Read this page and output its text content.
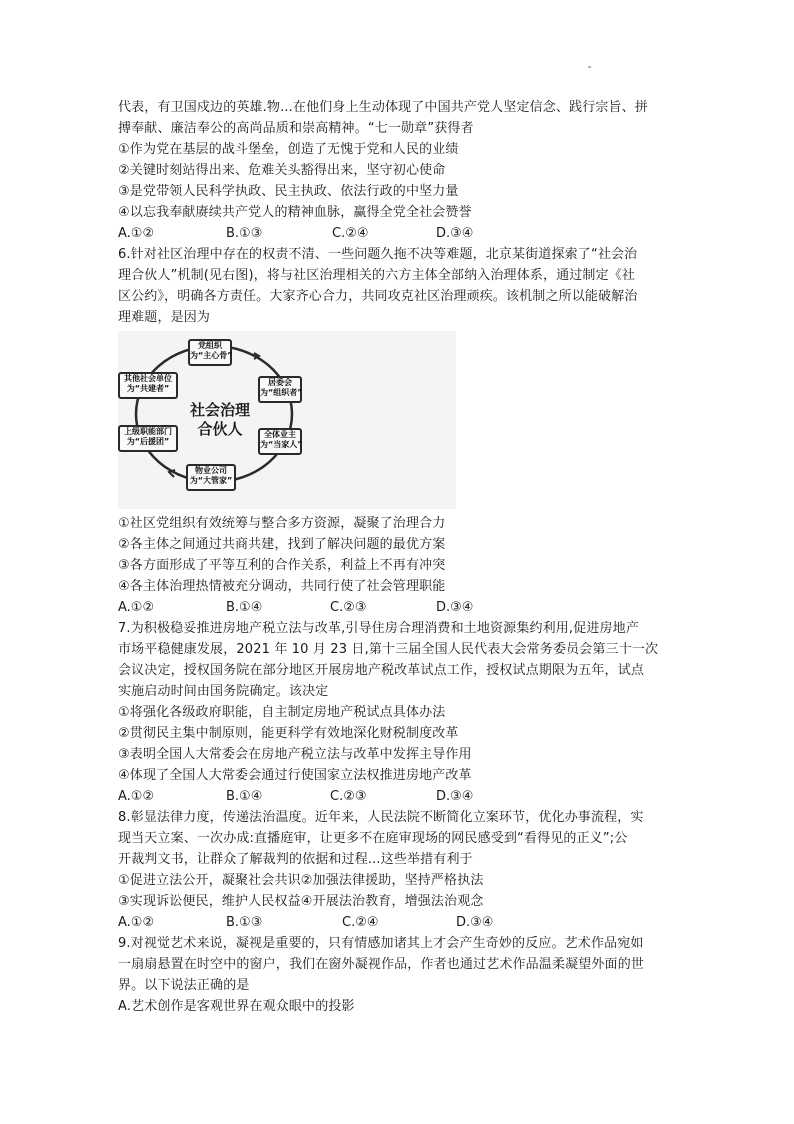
代表，有卫国戍边的英雄.物...在他们身上生动体现了中国共产党人坚定信念、践行宗旨、拼
搏奉献、廉洁奉公的高尚品质和崇高精神。“七一勋章”获得者
①作为党在基层的战斗堡垒，创造了无愧于党和人民的业绩
②关键时刻站得出来、危难关头豁得出来，坚守初心使命
③是党带领人民科学执政、民主执政、依法行政的中坚力量
④以忘我奉献赓续共产党人的精神血脉，赢得全党全社会赞誉
A.①②	B.①③	C.②④	D.③④
6.针对社区治理中存在的权责不清、一些问题久拖不决等难题，北京某街道探索了“社会治
理合伙人”机制(见右图)，将与社区治理相关的六方主体全部纳入治理体系，通过制定《社
区公约》，明确各方责任。大家齐心合力，共同攻克社区治理顽疾。该机制之所以能破解治
理难题，是因为
党组织
为“主心骨”
居委会
为“组织者”
全体业主
为“当家人”
物业公司
为“大管家”
上级职能部门
为“后援团”
其他社会单位
为“共建者”
社会治理
合伙人
①社区党组织有效统筹与整合多方资源，凝聚了治理合力
②各主体之间通过共商共建，找到了解决问题的最优方案
③各方面形成了平等互利的合作关系，利益上不再有冲突
④各主体治理热情被充分调动，共同行使了社会管理职能
A.①②	B.①④	C.②③	D.③④
7.为积极稳妥推进房地产税立法与改革,引导住房合理消费和土地资源集约利用,促进房地产
市场平稳健康发展，2021 年 10 月 23 日,第十三届全国人民代表大会常务委员会第三十一次
会议决定，授权国务院在部分地区开展房地产税改革试点工作，授权试点期限为五年，试点
实施启动时间由国务院确定。该决定
①将强化各级政府职能，自主制定房地产税试点具体办法
②贯彻民主集中制原则，能更科学有效地深化财税制度改革
③表明全国人大常委会在房地产税立法与改革中发挥主导作用
④体现了全国人大常委会通过行使国家立法权推进房地产改革
A.①②	B.①④	C.②③	D.③④
8.彰显法律力度，传递法治温度。近年来，人民法院不断简化立案环节，优化办事流程，实
现当天立案、一次办成:直播庭审，让更多不在庭审现场的网民感受到“看得见的正义”;公
开裁判文书，让群众了解裁判的依据和过程...这些举措有利于
①促进立法公开，凝聚社会共识②加强法律援助，坚持严格执法
③实现诉讼便民，维护人民权益④开展法治教育，增强法治观念
A.①②	B.①③	C.②④	D.③④
9.对视觉艺术来说，凝视是重要的，只有情感加诸其上才会产生奇妙的反应。艺术作品宛如
一扇扇悬置在时空中的窗户，我们在窗外凝视作品，作者也通过艺术作品温柔凝望外面的世
界。以下说法正确的是
A.艺术创作是客观世界在观众眼中的投影
